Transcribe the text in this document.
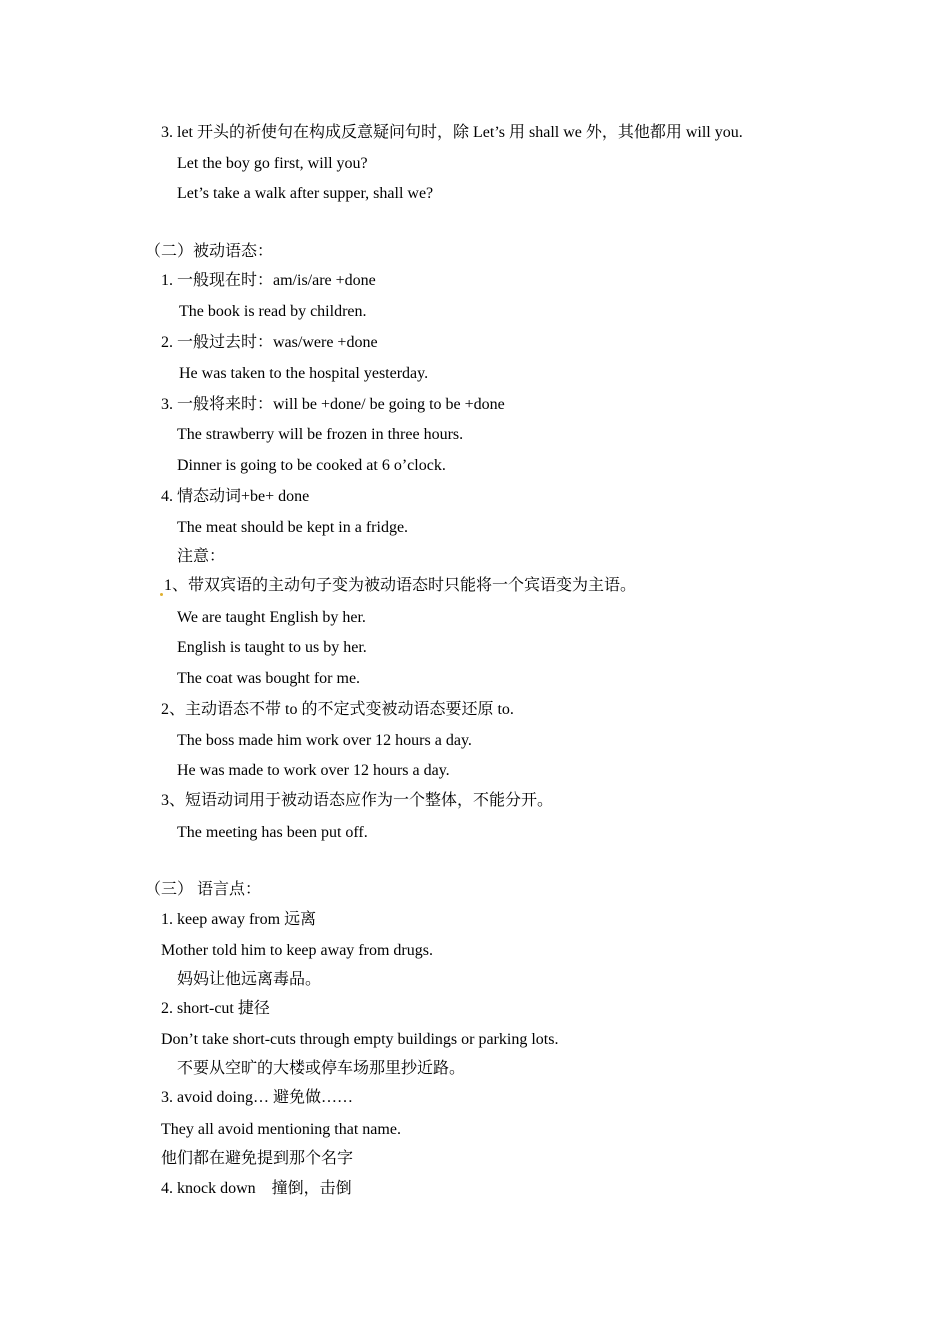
3. let 开头的祈使句在构成反意疑问句时，除 Let’s 用 shall we 外，其他都用 will you.
Let the boy go first, will you?
Let’s take a walk after supper, shall we?
（二）被动语态：
1. 一般现在时：am/is/are +done
The book is read by children.
2. 一般过去时：was/were +done
He was taken to the hospital yesterday.
3. 一般将来时：will be +done/ be going to be +done
The strawberry will be frozen in three hours.
Dinner is going to be cooked at 6 o’clock.
4. 情态动词+be+ done
The meat should be kept in a fridge.
注意：
1、带双宾语的主动句子变为被动语态时只能将一个宾语变为主语。
We are taught English by her.
English is taught to us by her.
The coat was bought for me.
2、主动语态不带 to 的不定式变被动语态要还原 to.
The boss made him work over 12 hours a day.
He was made to work over 12 hours a day.
3、短语动词用于被动语态应作为一个整体，不能分开。
The meeting has been put off.
（三） 语言点：
1. keep away from 远离
Mother told him to keep away from drugs.
妈妈让他远离毒品。
2. short-cut 捷径
Don’t take short-cuts through empty buildings or parking lots.
不要从空旷的大楼或停车场那里抄近路。
3. avoid doing… 避免做……
They all avoid mentioning that name.
他们都在避免提到那个名字
4. knock down　撞倒，击倒
